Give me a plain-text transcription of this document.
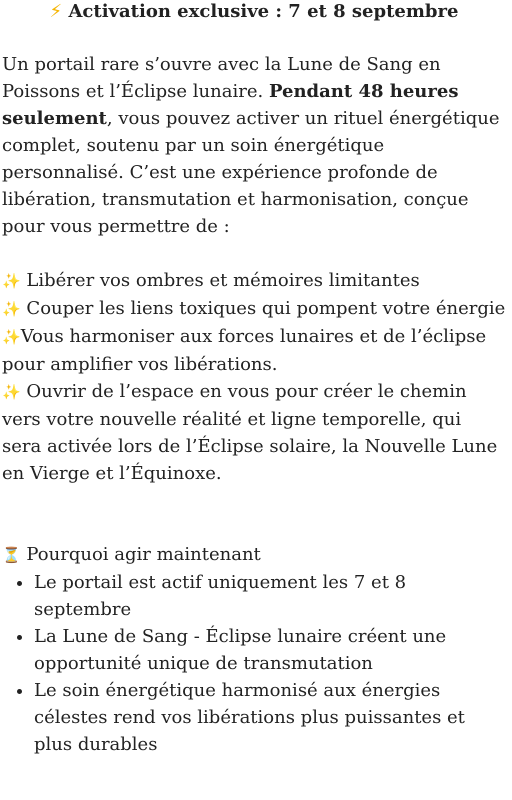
⚡ Activation exclusive : 7 et 8 septembre

Un portail rare s’ouvre avec la Lune de Sang en Poissons et l’Éclipse lunaire. Pendant 48 heures seulement, vous pouvez activer un rituel énergétique complet, soutenu par un soin énergétique personnalisé. C’est une expérience profonde de libération, transmutation et harmonisation, conçue pour vous permettre de :

✨ Libérer vos ombres et mémoires limitantes

✨ Couper les liens toxiques qui pompent votre énergie

✨Vous harmoniser aux forces lunaires et de l’éclipse pour amplifier vos libérations.

✨ Ouvrir de l’espace en vous pour créer le chemin vers votre nouvelle réalité et ligne temporelle, qui sera activée lors de l’Éclipse solaire, la Nouvelle Lune en Vierge et l’Équinoxe.

⏳ Pourquoi agir maintenant

• Le portail est actif uniquement les 7 et 8 septembre
• La Lune de Sang - Éclipse lunaire créent une opportunité unique de transmutation
• Le soin énergétique harmonisé aux énergies célestes rend vos libérations plus puissantes et plus durables
